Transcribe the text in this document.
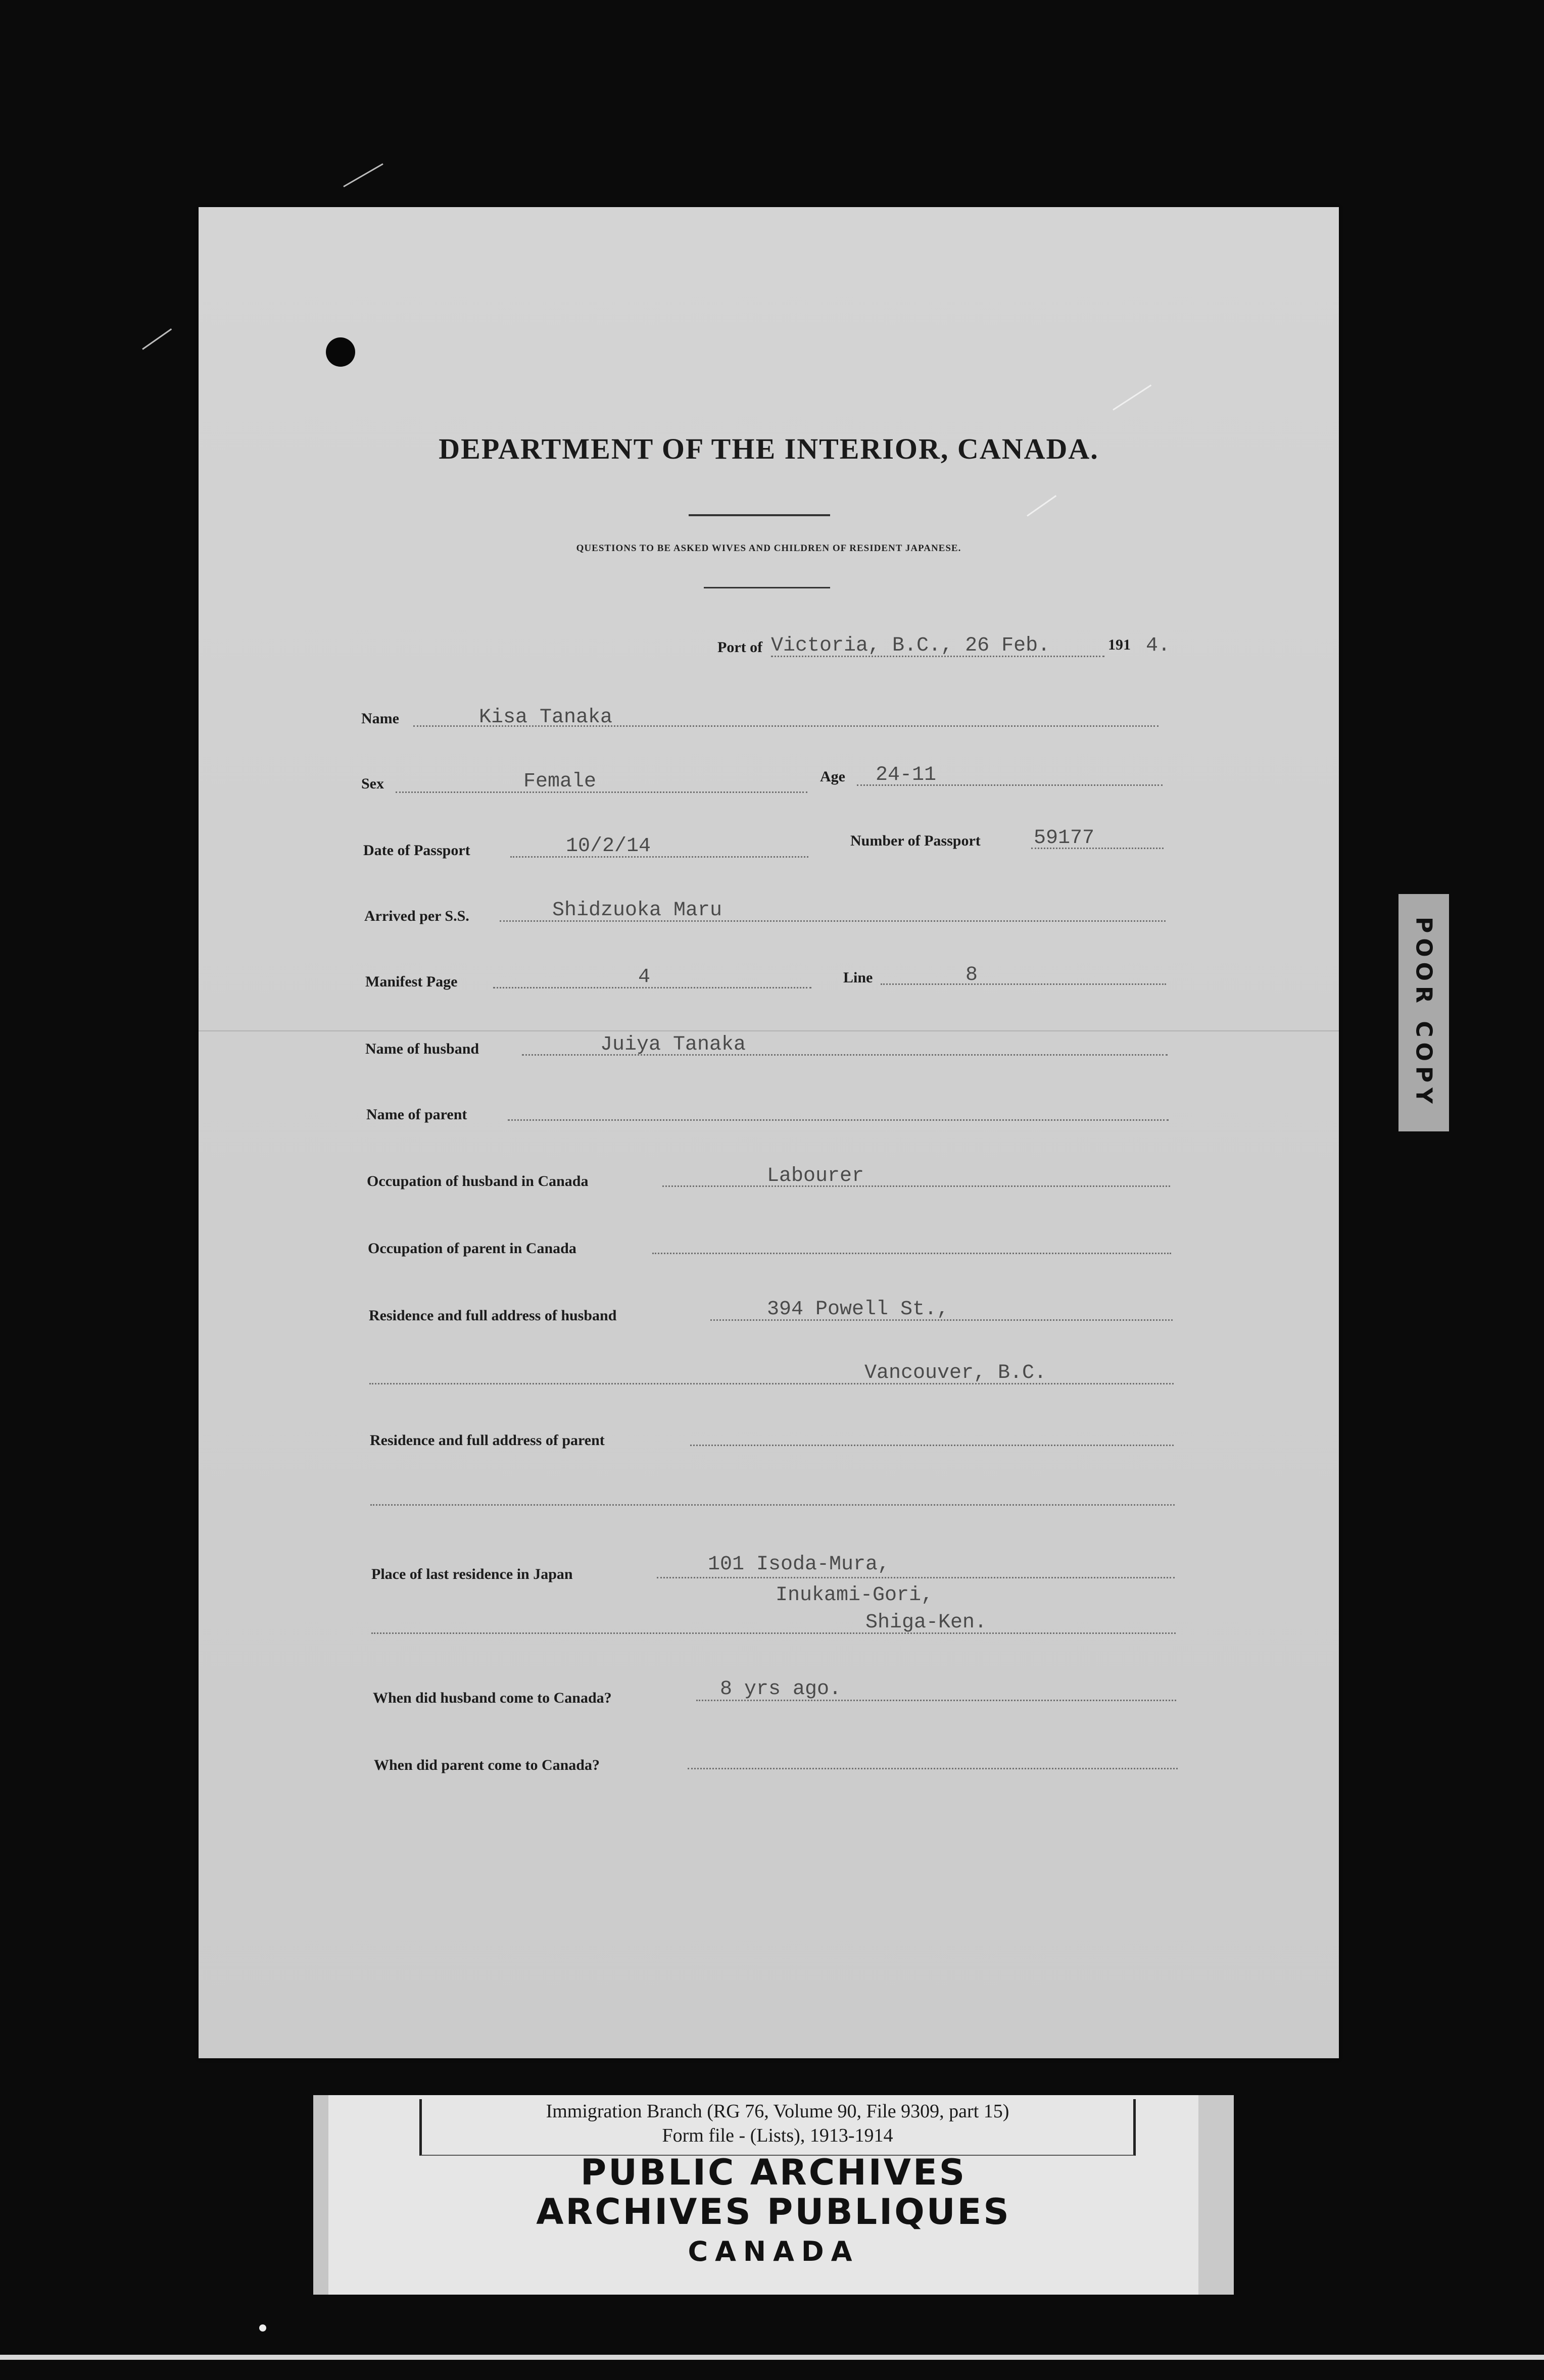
DEPARTMENT OF THE INTERIOR, CANADA.
QUESTIONS TO BE ASKED WIVES AND CHILDREN OF RESIDENT JAPANESE.
Port of Victoria, B.C., 26 Feb.	191 4.
Name	Kisa Tanaka
Sex	Female	Age 24-11
Date of Passport	10/2/14	Number of Passport	59177
Arrived per S.S.	Shidzuoka Maru
Manifest Page	4	Line	8
Name of husband	Juiya Tanaka
Name of parent
Occupation of husband in Canada	Labourer
Occupation of parent in Canada
Residence and full address of husband	394 Powell St.,
Vancouver, B.C.
Residence and full address of parent
Place of last residence in Japan	101 Isoda-Mura,
Inukami-Gori,
Shiga-Ken.
When did husband come to Canada?	8 yrs ago.
When did parent come to Canada?
POOR COPY
Immigration Branch (RG 76, Volume 90, File 9309, part 15)
Form file - (Lists), 1913-1914
PUBLIC ARCHIVES
ARCHIVES PUBLIQUES
CANADA
